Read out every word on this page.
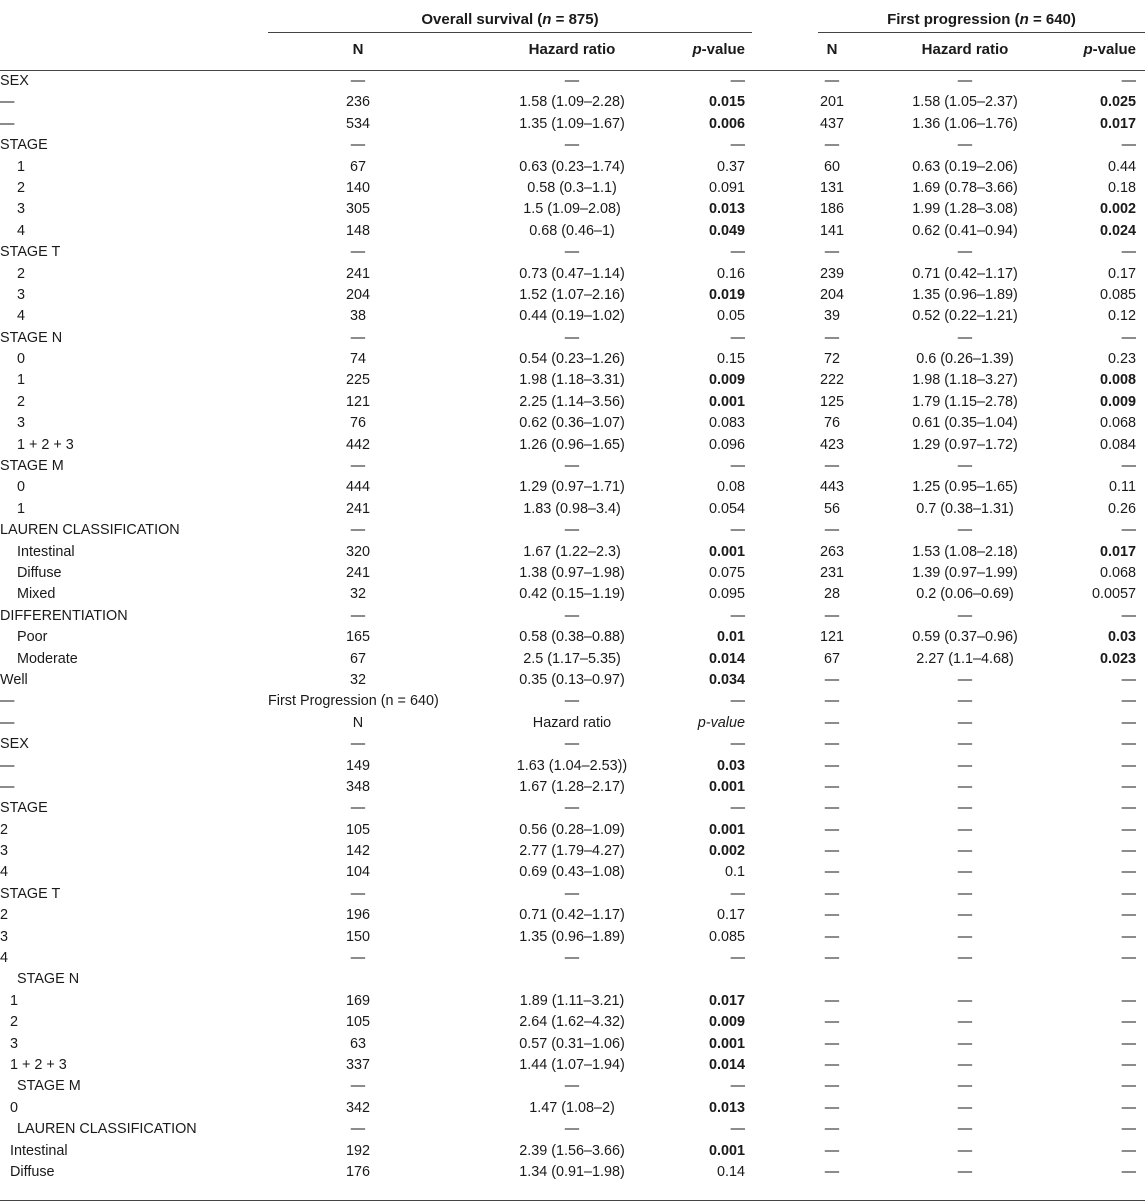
Overall survival (n = 875)	First progression (n = 640)
N	Hazard ratio	p-value	N	Hazard ratio	p-value
SEX	—	—	—	—	—	—
—	236	1.58 (1.09–2.28)	0.015	201	1.58 (1.05–2.37)	0.025
—	534	1.35 (1.09–1.67)	0.006	437	1.36 (1.06–1.76)	0.017
STAGE	—	—	—	—	—	—
1	67	0.63 (0.23–1.74)	0.37	60	0.63 (0.19–2.06)	0.44
2	140	0.58 (0.3–1.1)	0.091	131	1.69 (0.78–3.66)	0.18
3	305	1.5 (1.09–2.08)	0.013	186	1.99 (1.28–3.08)	0.002
4	148	0.68 (0.46–1)	0.049	141	0.62 (0.41–0.94)	0.024
STAGE T	—	—	—	—	—	—
2	241	0.73 (0.47–1.14)	0.16	239	0.71 (0.42–1.17)	0.17
3	204	1.52 (1.07–2.16)	0.019	204	1.35 (0.96–1.89)	0.085
4	38	0.44 (0.19–1.02)	0.05	39	0.52 (0.22–1.21)	0.12
STAGE N	—	—	—	—	—	—
0	74	0.54 (0.23–1.26)	0.15	72	0.6 (0.26–1.39)	0.23
1	225	1.98 (1.18–3.31)	0.009	222	1.98 (1.18–3.27)	0.008
2	121	2.25 (1.14–3.56)	0.001	125	1.79 (1.15–2.78)	0.009
3	76	0.62 (0.36–1.07)	0.083	76	0.61 (0.35–1.04)	0.068
1 + 2 + 3	442	1.26 (0.96–1.65)	0.096	423	1.29 (0.97–1.72)	0.084
STAGE M	—	—	—	—	—	—
0	444	1.29 (0.97–1.71)	0.08	443	1.25 (0.95–1.65)	0.11
1	241	1.83 (0.98–3.4)	0.054	56	0.7 (0.38–1.31)	0.26
LAUREN CLASSIFICATION	—	—	—	—	—	—
Intestinal	320	1.67 (1.22–2.3)	0.001	263	1.53 (1.08–2.18)	0.017
Diffuse	241	1.38 (0.97–1.98)	0.075	231	1.39 (0.97–1.99)	0.068
Mixed	32	0.42 (0.15–1.19)	0.095	28	0.2 (0.06–0.69)	0.0057
DIFFERENTIATION	—	—	—	—	—	—
Poor	165	0.58 (0.38–0.88)	0.01	121	0.59 (0.37–0.96)	0.03
Moderate	67	2.5 (1.17–5.35)	0.014	67	2.27 (1.1–4.68)	0.023
Well	32	0.35 (0.13–0.97)	0.034	—	—	—
—	First Progression (n = 640)	—	—	—	—	—
—	N	Hazard ratio	p-value	—	—	—
SEX	—	—	—	—	—	—
—	149	1.63 (1.04–2.53))	0.03	—	—	—
—	348	1.67 (1.28–2.17)	0.001	—	—	—
STAGE	—	—	—	—	—	—
2	105	0.56 (0.28–1.09)	0.001	—	—	—
3	142	2.77 (1.79–4.27)	0.002	—	—	—
4	104	0.69 (0.43–1.08)	0.1	—	—	—
STAGE T	—	—	—	—	—	—
2	196	0.71 (0.42–1.17)	0.17	—	—	—
3	150	1.35 (0.96–1.89)	0.085	—	—	—
4	—	—	—	—	—	—
STAGE N
1	169	1.89 (1.11–3.21)	0.017	—	—	—
2	105	2.64 (1.62–4.32)	0.009	—	—	—
3	63	0.57 (0.31–1.06)	0.001	—	—	—
1 + 2 + 3	337	1.44 (1.07–1.94)	0.014	—	—	—
STAGE M	—	—	—	—	—	—
0	342	1.47 (1.08–2)	0.013	—	—	—
LAUREN CLASSIFICATION	—	—	—	—	—	—
Intestinal	192	2.39 (1.56–3.66)	0.001	—	—	—
Diffuse	176	1.34 (0.91–1.98)	0.14	—	—	—
